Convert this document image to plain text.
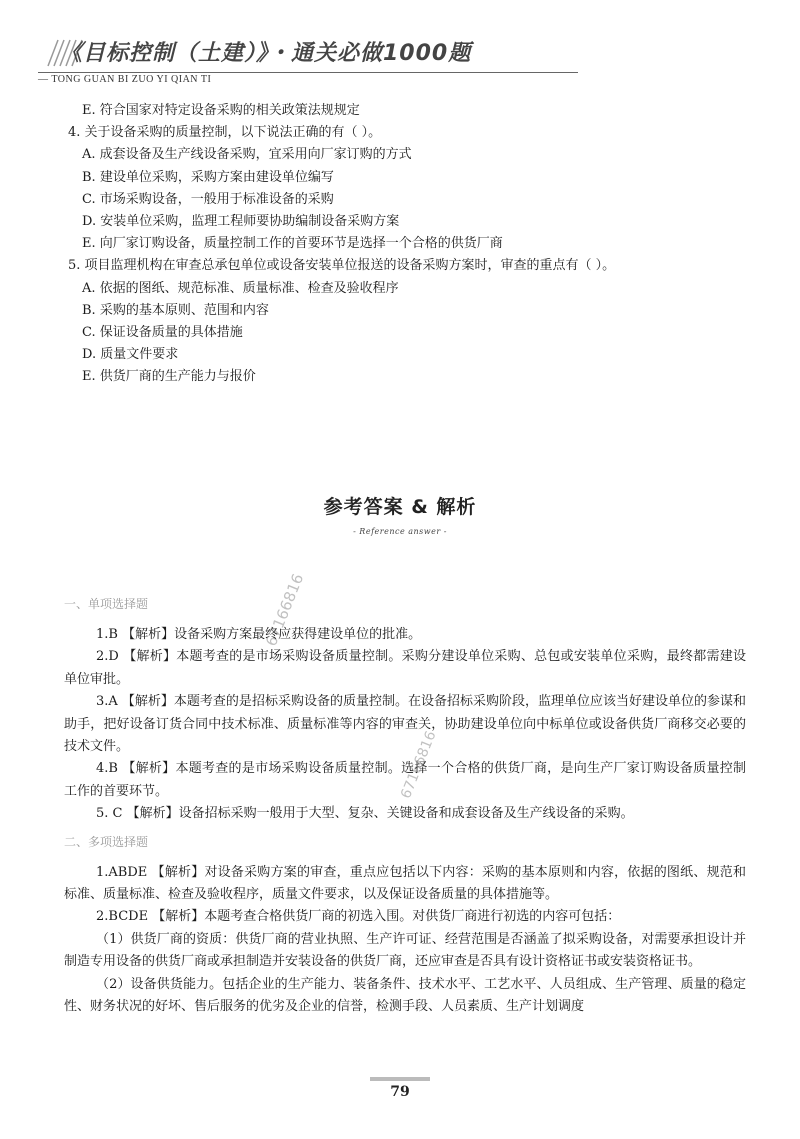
《目标控制（土建）》・通关必做1000题
— TONG GUAN BI ZUO YI QIAN TI
E. 符合国家对特定设备采购的相关政策法规规定
4. 关于设备采购的质量控制，以下说法正确的有（ ）。
A. 成套设备及生产线设备采购，宜采用向厂家订购的方式
B. 建设单位采购，采购方案由建设单位编写
C. 市场采购设备，一般用于标准设备的采购
D. 安装单位采购，监理工程师要协助编制设备采购方案
E. 向厂家订购设备，质量控制工作的首要环节是选择一个合格的供货厂商
5. 项目监理机构在审查总承包单位或设备安装单位报送的设备采购方案时，审查的重点有（ ）。
A. 依据的图纸、规范标准、质量标准、检查及验收程序
B. 采购的基本原则、范围和内容
C. 保证设备质量的具体措施
D. 质量文件要求
E. 供货厂商的生产能力与报价
参考答案 & 解析
- Reference answer -
一、单项选择题

1.B 【解析】设备采购方案最终应获得建设单位的批准。

2.D 【解析】本题考查的是市场采购设备质量控制。采购分建设单位采购、总包或安装单位采购，最终都需建设单位审批。

3.A 【解析】本题考查的是招标采购设备的质量控制。在设备招标采购阶段，监理单位应该当好建设单位的参谋和助手，把好设备订货合同中技术标准、质量标准等内容的审查关，协助建设单位向中标单位或设备供货厂商移交必要的技术文件。

4.B 【解析】本题考查的是市场采购设备质量控制。选择一个合格的供货厂商，是向生产厂家订购设备质量控制工作的首要环节。

5. C 【解析】设备招标采购一般用于大型、复杂、关键设备和成套设备及生产线设备的采购。

二、多项选择题

1.ABDE 【解析】对设备采购方案的审查，重点应包括以下内容：采购的基本原则和内容，依据的图纸、规范和标准、质量标准、检查及验收程序，质量文件要求，以及保证设备质量的具体措施等。

2.BCDE 【解析】本题考查合格供货厂商的初选入围。对供货厂商进行初选的内容可包括：

（1）供货厂商的资质：供货厂商的营业执照、生产许可证、经营范围是否涵盖了拟采购设备，对需要承担设计并制造专用设备的供货厂商或承担制造并安装设备的供货厂商，还应审查是否具有设计资格证书或安装资格证书。

（2）设备供货能力。包括企业的生产能力、装备条件、技术水平、工艺水平、人员组成、生产管理、质量的稳定性、财务状况的好坏、售后服务的优劣及企业的信誉，检测手段、人员素质、生产计划调度

67166816
67166816
79
